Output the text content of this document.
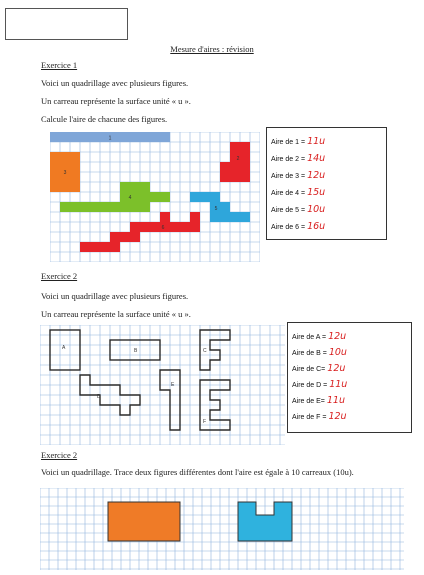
Mesure d'aires : révision
Exercice 1
Voici un quadrillage avec plusieurs figures.
Un carreau représente la surface unité « u ».
Calcule l'aire de chacune des figures.
1
2
3
4
5
6
Aire de 1 = 11u
Aire de 2 = 14u
Aire de 3 = 12u
Aire de 4 = 15u
Aire de 5 = 10u
Aire de 6 = 16u
Exercice 2
Voici un quadrillage avec plusieurs figures.
Un carreau représente la surface unité « u ».
A	B	C
D
E
F
Aire de A = 12u
Aire de B = 10u
Aire de C= 12u
Aire de D = 11u
Aire de E= 11u
Aire de F = 12u
Exercice 2
Voici un quadrillage. Trace deux figures différentes dont l'aire est égale à 10 carreaux (10u).
